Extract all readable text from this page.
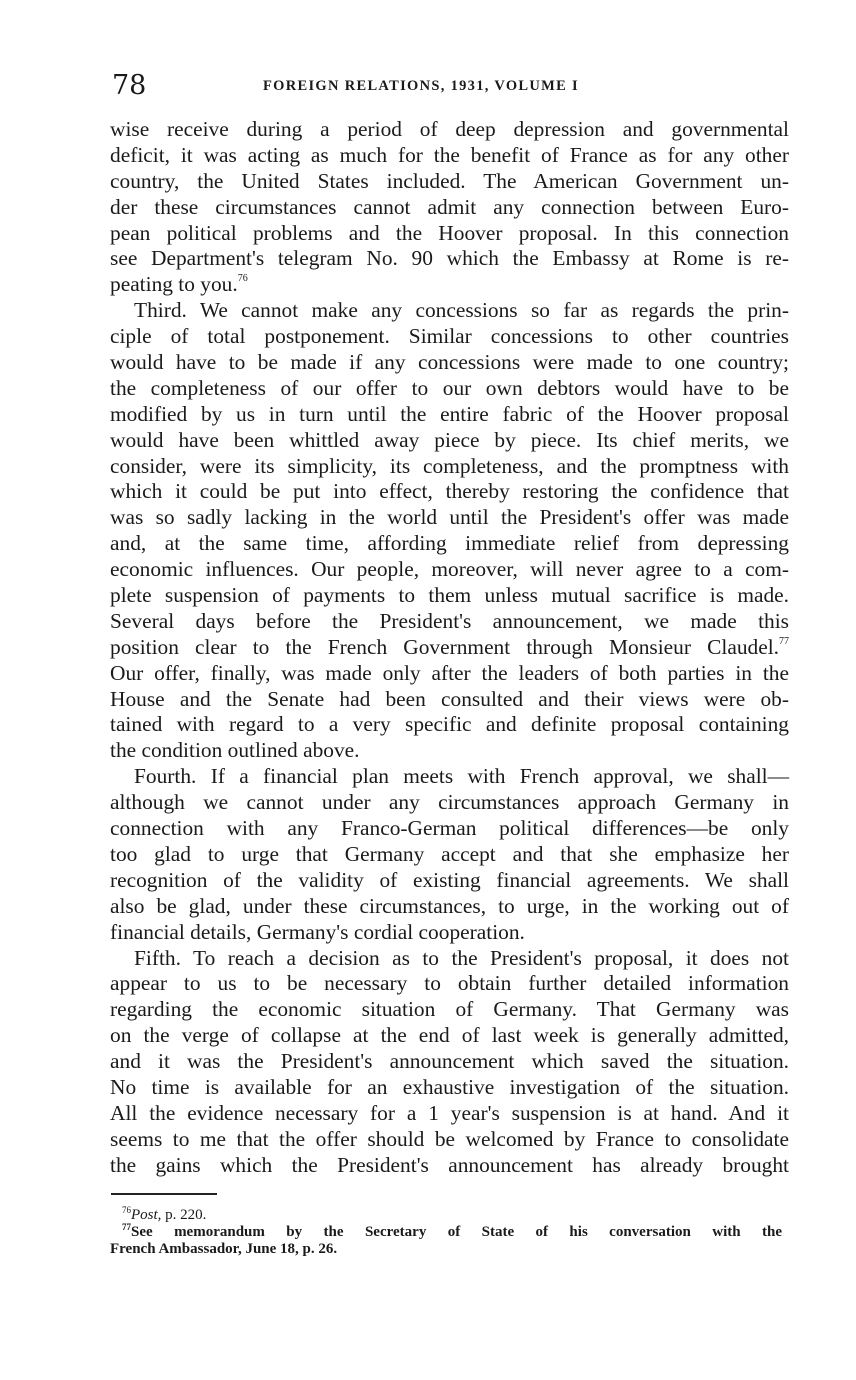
78	FOREIGN RELATIONS, 1931, VOLUME I
wise receive during a period of deep depression and governmental
deficit, it was acting as much for the benefit of France as for any other
country, the United States included. The American Government un-
der these circumstances cannot admit any connection between Euro-
pean political problems and the Hoover proposal. In this connection
see Department's telegram No. 90 which the Embassy at Rome is re-
peating to you.$^{76}$
Third. We cannot make any concessions so far as regards the prin-
ciple of total postponement. Similar concessions to other countries
would have to be made if any concessions were made to one country;
the completeness of our offer to our own debtors would have to be
modified by us in turn until the entire fabric of the Hoover proposal
would have been whittled away piece by piece. Its chief merits, we
consider, were its simplicity, its completeness, and the promptness with
which it could be put into effect, thereby restoring the confidence that
was so sadly lacking in the world until the President's offer was made
and, at the same time, affording immediate relief from depressing
economic influences. Our people, moreover, will never agree to a com-
plete suspension of payments to them unless mutual sacrifice is made.
Several days before the President's announcement, we made this
position clear to the French Government through Monsieur Claudel.$^{77}$
Our offer, finally, was made only after the leaders of both parties in the
House and the Senate had been consulted and their views were ob-
tained with regard to a very specific and definite proposal containing
the condition outlined above.
Fourth. If a financial plan meets with French approval, we shall—
although we cannot under any circumstances approach Germany in
connection with any Franco-German political differences—be only
too glad to urge that Germany accept and that she emphasize her
recognition of the validity of existing financial agreements. We shall
also be glad, under these circumstances, to urge, in the working out of
financial details, Germany's cordial cooperation.
Fifth. To reach a decision as to the President's proposal, it does not
appear to us to be necessary to obtain further detailed information
regarding the economic situation of Germany. That Germany was
on the verge of collapse at the end of last week is generally admitted,
and it was the President's announcement which saved the situation.
No time is available for an exhaustive investigation of the situation.
All the evidence necessary for a 1 year's suspension is at hand. And it
seems to me that the offer should be welcomed by France to consolidate
the gains which the President's announcement has already brought
$^{76}$Post, p. 220.
$^{77}$See memorandum by the Secretary of State of his conversation with the
French Ambassador, June 18, p. 26.
